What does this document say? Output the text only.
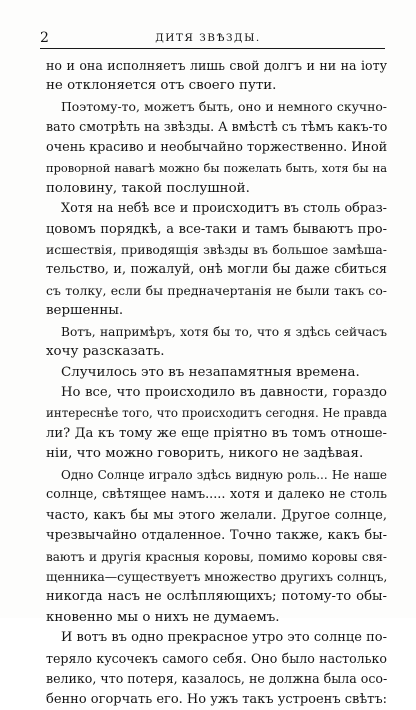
2	ДИТЯ ЗВѢЗДЫ.
но и она исполняетъ лишь свой долгъ и ни на іоту
не отклоняется отъ своего пути.
Поэтому-то, можетъ быть, оно и немного скучно-
вато смотрѣть на звѣзды. А вмѣстѣ съ тѣмъ какъ-то
очень красиво и необычайно торжественно. Иной
проворной навагѣ можно бы пожелать быть, хотя бы на
половину, такой послушной.
Хотя на небѣ все и происходитъ въ столь образ-
цовомъ порядкѣ, а все-таки и тамъ бываютъ про-
исшествія, приводящія звѣзды въ большое замѣша-
тельство, и, пожалуй, онѣ могли бы даже сбиться
съ толку, если бы предначертанія не были такъ со-
вершенны.
Вотъ, напримѣръ, хотя бы то, что я здѣсь сейчасъ
хочу разсказать.
Случилось это въ незапамятныя времена.
Но все, что происходило въ давности, гораздо
интереснѣе того, что происходитъ сегодня. Не правда
ли? Да къ тому же еще пріятно въ томъ отноше-
ніи, что можно говорить, никого не задѣвая.
Одно Солнце играло здѣсь видную роль... Не наше
солнце, свѣтящее намъ..... хотя и далеко не столь
часто, какъ бы мы этого желали. Другое солнце,
чрезвычайно отдаленное. Точно также, какъ бы-
ваютъ и другія красныя коровы, помимо коровы свя-
щенника—существуетъ множество другихъ солнцъ,
никогда насъ не ослѣпляющихъ; потому-то обы-
кновенно мы о нихъ не думаемъ.
И вотъ въ одно прекрасное утро это солнце по-
теряло кусочекъ самого себя. Оно было настолько
велико, что потеря, казалось, не должна была осо-
бенно огорчать его. Но ужъ такъ устроенъ свѣтъ:
